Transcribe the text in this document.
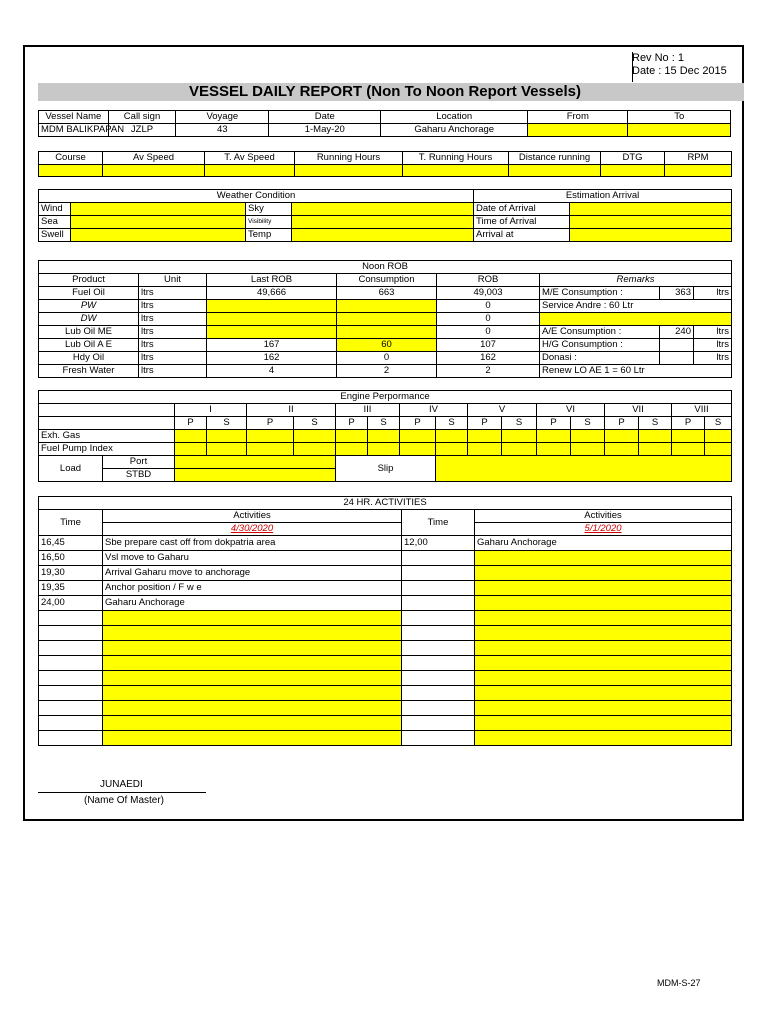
Rev No : 1
Date : 15 Dec 2015
VESSEL DAILY REPORT (Non To Noon Report Vessels)
Vessel Name	Call sign	Voyage	Date	Location	From	To
MDM BALIKPAPAN	JZLP	43	1-May-20	Gaharu Anchorage		
Course	Av Speed	T. Av Speed	Running Hours	T. Running Hours	Distance running	DTG	RPM

Weather Condition				Estimation Arrival	
Wind		Sky		Date of Arrival	
Sea		Visibility		Time of Arrival	
Swell		Temp		Arrival at	
Noon ROB							
Product	Unit	Last ROB	Consumption	ROB	Remarks		
Fuel Oil	ltrs	49,666	663	49,003	M/E Consumption :	363	ltrs
PW	ltrs			0	Service Andre : 60 Ltr		
DW	ltrs			0			
Lub Oil ME	ltrs			0	A/E Consumption :	240	ltrs
Lub Oil A E	ltrs	167	60	107	H/G Consumption :		ltrs
Hdy Oil	ltrs	162	0	162	Donasi :		ltrs
Fresh Water	ltrs	4	2	2	Renew LO AE 1 = 60 Ltr		
Engine Perpormance																	
		I		II		III		IV		V		VI		VII		VIII	
		P	S	P	S	P	S	P	S	P	S	P	S	P	S	P	S
Exh. Gas																	
Fuel Pump Index																	
Load	Port					Slip											
	STBD																
24 HR. ACTIVITIES			
Time	Activities	Time	Activities
	4/30/2020		5/1/2020
16,45	Sbe prepare cast off from dokpatria area	12,00	Gaharu Anchorage
16,50	Vsl move to Gaharu		
19,30	Arrival Gaharu move to anchorage		
19,35	Anchor position / F w e		
24,00	Gaharu Anchorage		

JUNAEDI
(Name Of Master)
MDM-S-27
